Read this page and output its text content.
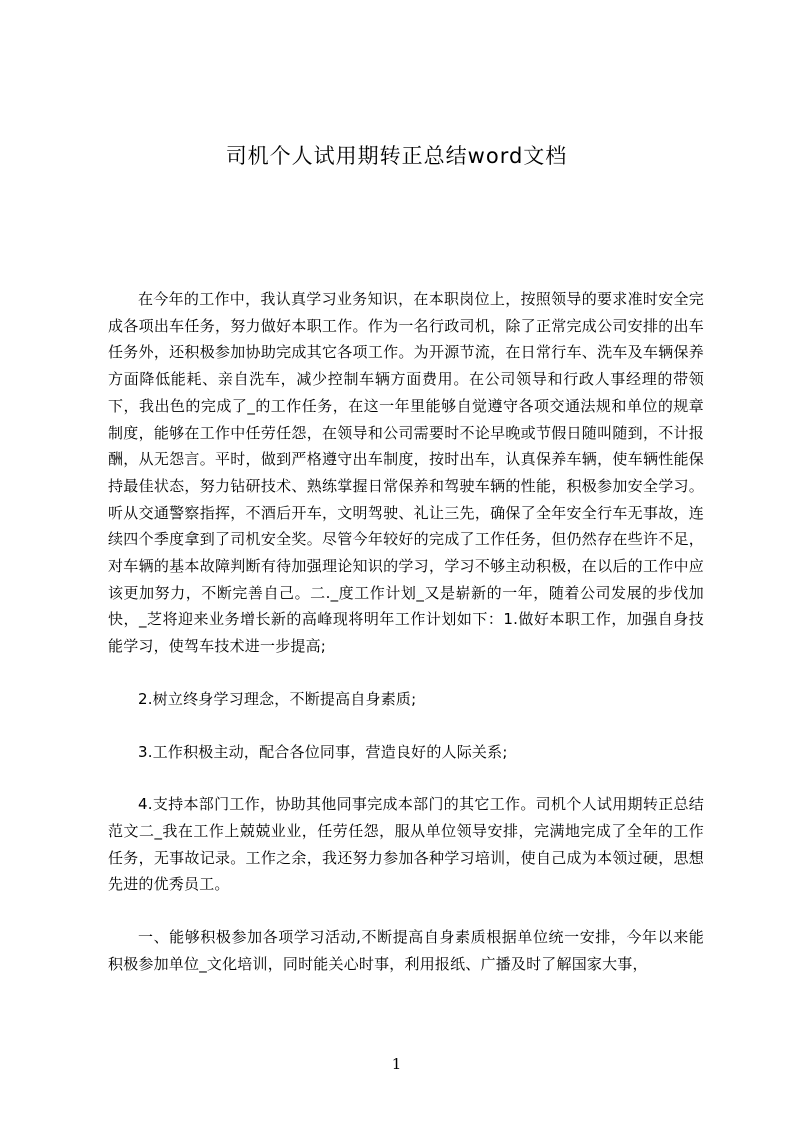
司机个人试用期转正总结word文档

在今年的工作中，我认真学习业务知识，在本职岗位上，按照领导的要求准时安全完成各项出车任务，努力做好本职工作。作为一名行政司机，除了正常完成公司安排的出车任务外，还积极参加协助完成其它各项工作。为开源节流，在日常行车、洗车及车辆保养方面降低能耗、亲自洗车，减少控制车辆方面费用。在公司领导和行政人事经理的带领下，我出色的完成了_的工作任务，在这一年里能够自觉遵守各项交通法规和单位的规章制度，能够在工作中任劳任怨，在领导和公司需要时不论早晚或节假日随叫随到，不计报酬，从无怨言。平时，做到严格遵守出车制度，按时出车，认真保养车辆，使车辆性能保持最佳状态，努力钻研技术、熟练掌握日常保养和驾驶车辆的性能，积极参加安全学习。听从交通警察指挥，不酒后开车，文明驾驶、礼让三先，确保了全年安全行车无事故，连续四个季度拿到了司机安全奖。尽管今年较好的完成了工作任务，但仍然存在些许不足，对车辆的基本故障判断有待加强理论知识的学习，学习不够主动积极，在以后的工作中应该更加努力，不断完善自己。二._度工作计划_又是崭新的一年，随着公司发展的步伐加快，_芝将迎来业务增长新的高峰现将明年工作计划如下：1.做好本职工作，加强自身技能学习，使驾车技术进一步提高;

2.树立终身学习理念，不断提高自身素质;

3.工作积极主动，配合各位同事，营造良好的人际关系;

4.支持本部门工作，协助其他同事完成本部门的其它工作。司机个人试用期转正总结范文二_我在工作上兢兢业业，任劳任怨，服从单位领导安排，完满地完成了全年的工作任务，无事故记录。工作之余，我还努力参加各种学习培训，使自己成为本领过硬，思想先进的优秀员工。

一、能够积极参加各项学习活动,不断提高自身素质根据单位统一安排，今年以来能积极参加单位_文化培训，同时能关心时事，利用报纸、广播及时了解国家大事，

1
